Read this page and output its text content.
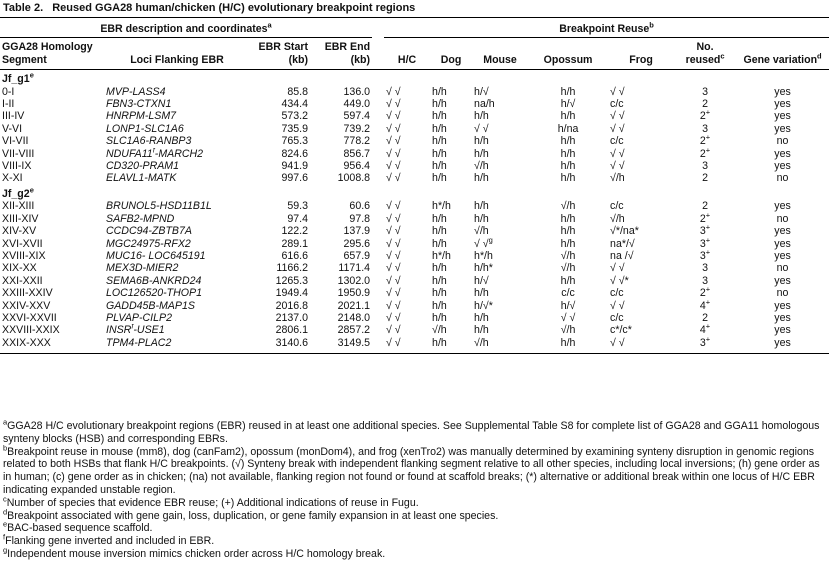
Table 2. Reused GGA28 human/chicken (H/C) evolutionary breakpoint regions
EBR description and coordinates$^a$					Breakpoint Reuse$^b$
GGA28 Homology Segment	Loci Flanking EBR	EBR Start (kb)	EBR End (kb)		H/C	Dog	Mouse	Opossum	Frog	No. reused$^c$	Gene variation$^d$
Jf_g1e
0-I	MVP-LASS4	85.8	136.0		√ √	h/h	h/√	h/h	√ √	3	yes
I-II	FBN3-CTXN1	434.4	449.0		√ √	h/h	na/h	h/√	c/c	2	yes
III-IV	HNRPM-LSM7	573.2	597.4		√ √	h/h	h/h	h/h	√ √	2+	yes
V-VI	LONP1-SLC1A6	735.9	739.2		√ √	h/h	√ √	h/na	√ √	3	yes
VI-VII	SLC1A6-RANBP3	765.3	778.2		√ √	h/h	h/h	h/h	c/c	2+	no
VII-VIII	NDUFA11$^f$-MARCH2	824.6	856.7		√ √	h/h	h/h	h/h	√ √	2+	yes
VIII-IX	CD320-PRAM1	941.9	956.4		√ √	h/h	√/h	h/h	√ √	3	yes
X-XI	ELAVL1-MATK	997.6	1008.8		√ √	h/h	h/h	h/h	√/h	2	no
Jf_g2e
XII-XIII	BRUNOL5-HSD11B1L	59.3	60.6		√ √	h*/h	h/h	√/h	c/c	2	yes
XIII-XIV	SAFB2-MPND	97.4	97.8		√ √	h/h	h/h	h/h	√/h	2+	no
XIV-XV	CCDC94-ZBTB7A	122.2	137.9		√ √	h/h	√/h	h/h	√*/na*	3+	yes
XVI-XVII	MGC24975-RFX2	289.1	295.6		√ √	h/h	√ √$^g$	h/h	na*/√	3+	yes
XVIII-XIX	MUC16- LOC645191	616.6	657.9		√ √	h*/h	h*/h	√/h	na /√	3+	yes
XIX-XX	MEX3D-MIER2	1166.2	1171.4		√ √	h/h	h/h*	√/h	√ √	3	no
XXI-XXII	SEMA6B-ANKRD24	1265.3	1302.0		√ √	h/h	h/√	h/h	√ √*	3	yes
XXIII-XXIV	LOC126520-THOP1	1949.4	1950.9		√ √	h/h	h/h	c/c	c/c	2+	no
XXIV-XXV	GADD45B-MAP1S	2016.8	2021.1		√ √	h/h	h/√*	h/√	√ √	4+	yes
XXVI-XXVII	PLVAP-CILP2	2137.0	2148.0		√ √	h/h	h/h	√ √	c/c	2	yes
XXVIII-XXIX	INSR$^f$-USE1	2806.1	2857.2		√ √	√/h	h/h	√/h	c*/c*	4+	yes
XXIX-XXX	TPM4-PLAC2	3140.6	3149.5		√ √	h/h	√/h	h/h	√ √	3+	yes

$^a$GGA28 H/C evolutionary breakpoint regions (EBR) reused in at least one additional species. See Supplemental Table S8 for complete list of GGA28 and GGA11 homologous synteny blocks (HSB) and corresponding EBRs.

$^b$Breakpoint reuse in mouse (mm8), dog (canFam2), opossum (monDom4), and frog (xenTro2) was manually determined by examining synteny disruption in genomic regions related to both HSBs that flank H/C breakpoints. (√) Synteny break with independent flanking segment relative to all other species, including local inversions; (h) gene order as in human; (c) gene order as in chicken; (na) not available, flanking region not found or found at scaffold breaks; (*) alternative or additional break within one locus of H/C EBR indicating expanded unstable region.

$^c$Number of species that evidence EBR reuse; (+) Additional indications of reuse in Fugu.

$^d$Breakpoint associated with gene gain, loss, duplication, or gene family expansion in at least one species.

$^e$BAC-based sequence scaffold.

$^f$Flanking gene inverted and included in EBR.

$^g$Independent mouse inversion mimics chicken order across H/C homology break.
